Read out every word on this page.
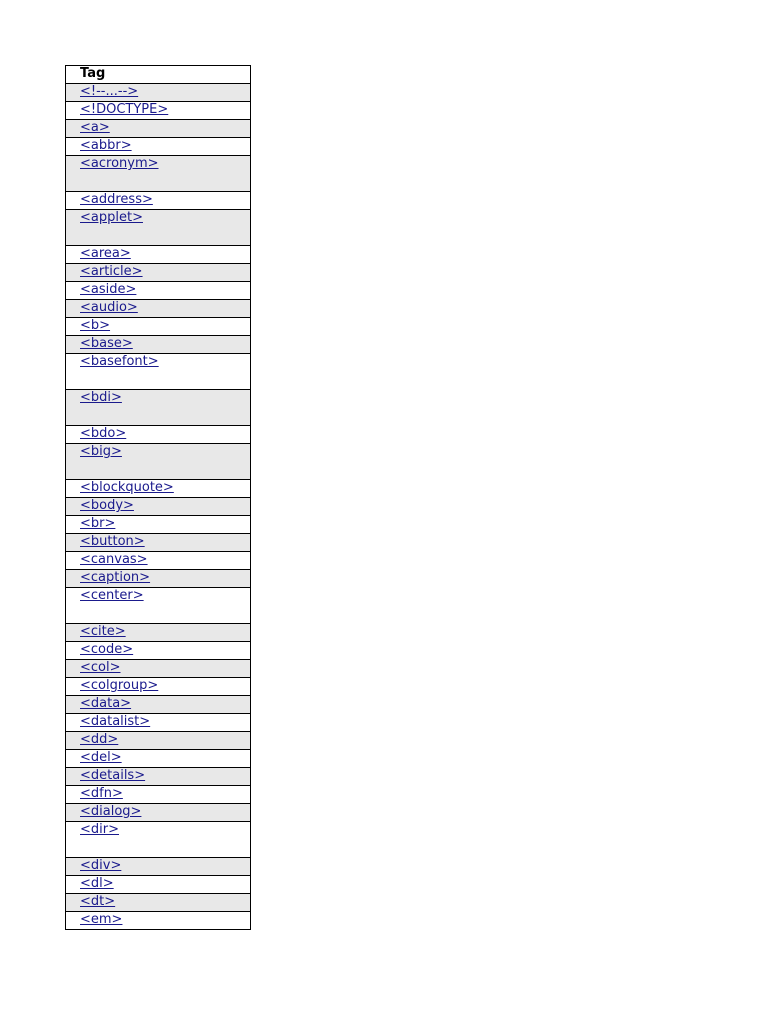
Tag
<!--...-->
<!DOCTYPE>
<a>
<abbr>
<acronym>
<address>
<applet>
<area>
<article>
<aside>
<audio>
<b>
<base>
<basefont>
<bdi>
<bdo>
<big>
<blockquote>
<body>
<br>
<button>
<canvas>
<caption>
<center>
<cite>
<code>
<col>
<colgroup>
<data>
<datalist>
<dd>
<del>
<details>
<dfn>
<dialog>
<dir>
<div>
<dl>
<dt>
<em>
